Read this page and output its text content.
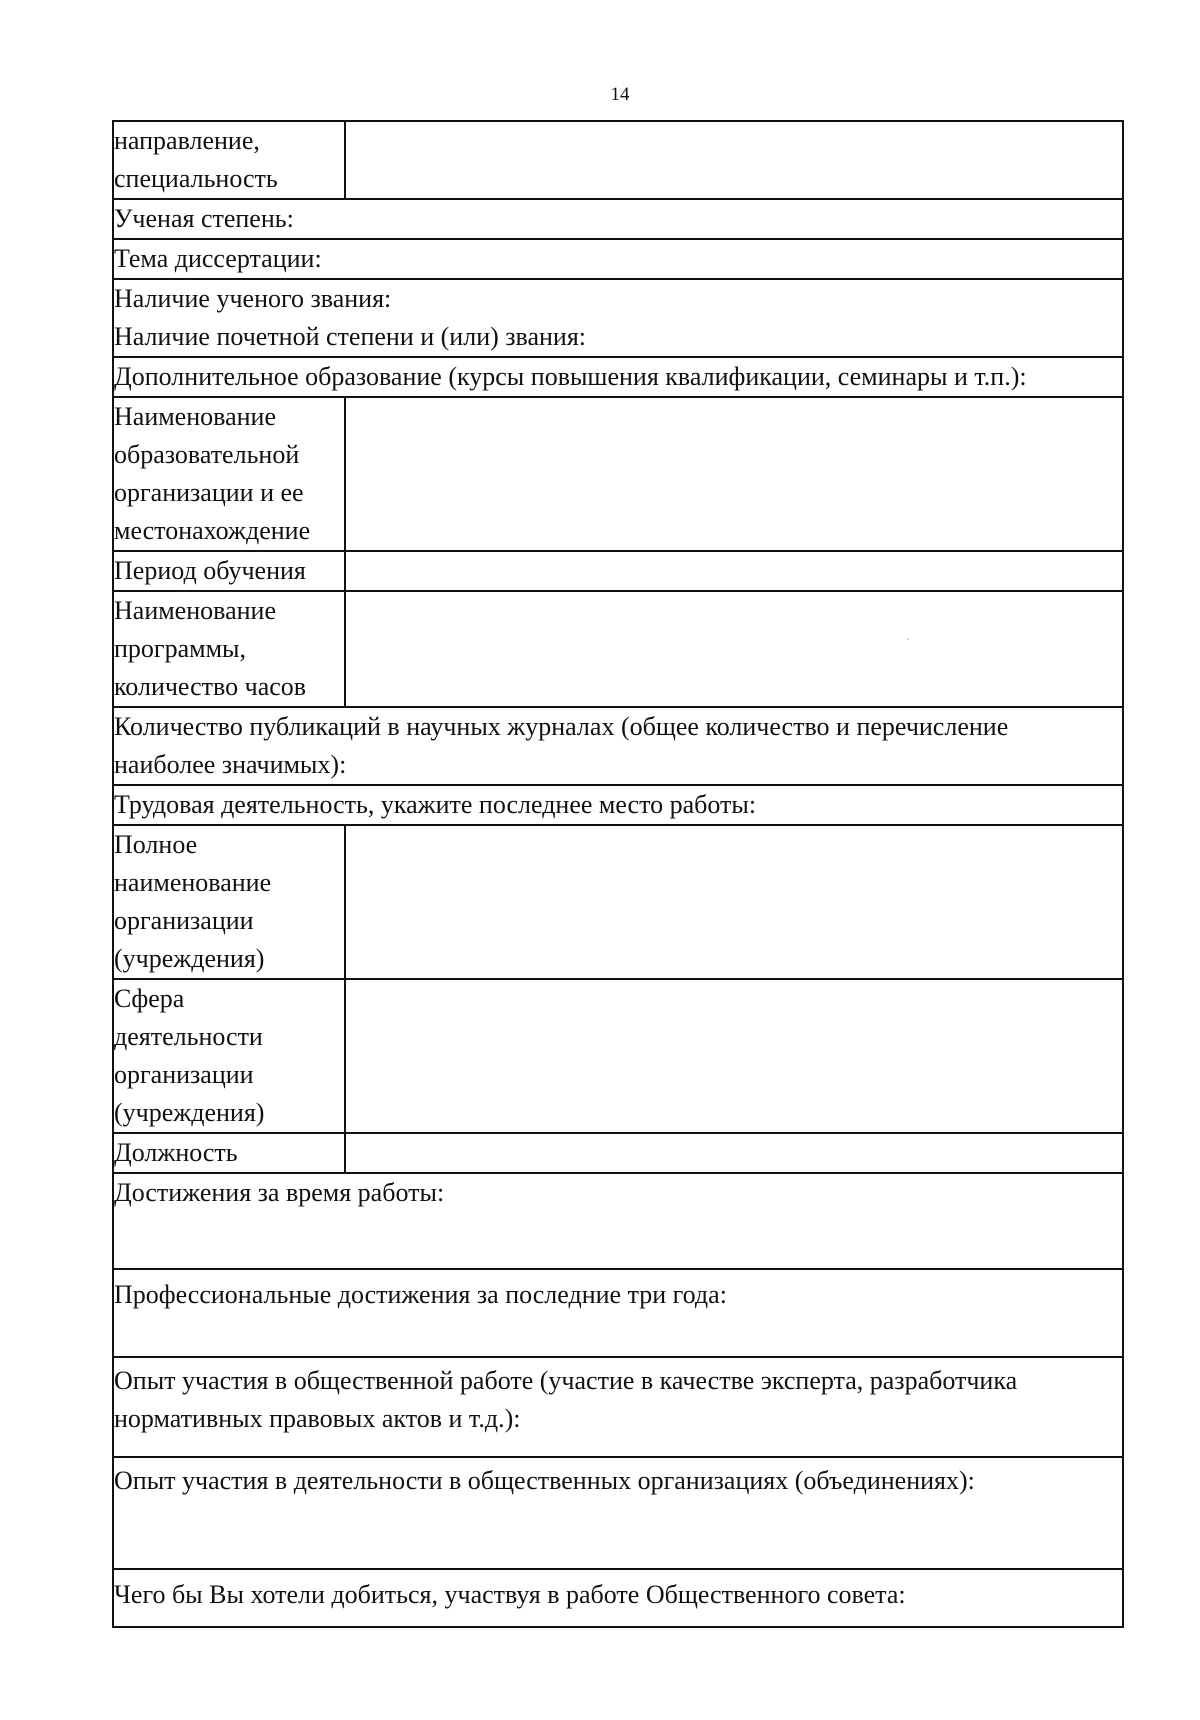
14
направление,
специальность
Ученая степень:
Тема диссертации:
Наличие ученого звания:
Наличие почетной степени и (или) звания:
Дополнительное образование (курсы повышения квалификации, семинары и т.п.):
Наименование
образовательной
организации и ее
местонахождение
Период обучения
Наименование
программы,
количество часов
.
Количество публикаций в научных журналах (общее количество и перечисление
наиболее значимых):
Трудовая деятельность, укажите последнее место работы:
Полное
наименование
организации
(учреждения)
Сфера
деятельности
организации
(учреждения)
Должность
Достижения за время работы:
Профессиональные достижения за последние три года:
Опыт участия в общественной работе (участие в качестве эксперта, разработчика
нормативных правовых актов и т.д.):
Опыт участия в деятельности в общественных организациях (объединениях):
Чего бы Вы хотели добиться, участвуя в работе Общественного совета:
